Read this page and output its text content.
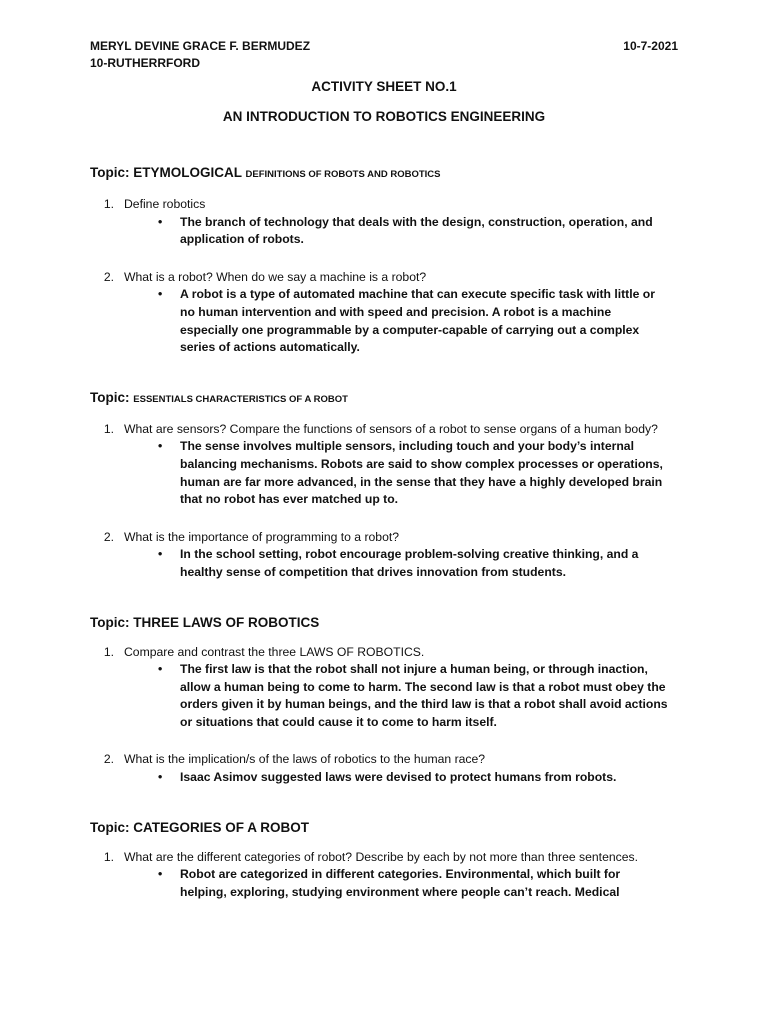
MERYL DEVINE GRACE F. BERMUDEZ	10-7-2021
10-RUTHERRFORD
ACTIVITY SHEET NO.1
AN INTRODUCTION TO ROBOTICS ENGINEERING

Topic: ETYMOLOGICAL DEFINITIONS OF ROBOTS AND ROBOTICS

1. Define robotics
•	The branch of technology that deals with the design, construction, operation, and application of robots.
2. What is a robot? When do we say a machine is a robot?
•	A robot is a type of automated machine that can execute specific task with little or no human intervention and with speed and precision. A robot is a machine especially one programmable by a computer-capable of carrying out a complex series of actions automatically.

Topic: ESSENTIALS CHARACTERISTICS OF A ROBOT

1. What are sensors? Compare the functions of sensors of a robot to sense organs of a human body?
•	The sense involves multiple sensors, including touch and your body’s internal balancing mechanisms. Robots are said to show complex processes or operations, human are far more advanced, in the sense that they have a highly developed brain that no robot has ever matched up to.
2. What is the importance of programming to a robot?
•	In the school setting, robot encourage problem-solving creative thinking, and a healthy sense of competition that drives innovation from students.

Topic: THREE LAWS OF ROBOTICS

1. Compare and contrast the three LAWS OF ROBOTICS.
•	The first law is that the robot shall not injure a human being, or through inaction, allow a human being to come to harm. The second law is that a robot must obey the orders given it by human beings, and the third law is that a robot shall avoid actions or situations that could cause it to come to harm itself.
2. What is the implication/s of the laws of robotics to the human race?
•	Isaac Asimov suggested laws were devised to protect humans from robots.

Topic: CATEGORIES OF A ROBOT

1. What are the different categories of robot? Describe by each by not more than three sentences.
•	Robot are categorized in different categories. Environmental, which built for helping, exploring, studying environment where people can’t reach. Medical
